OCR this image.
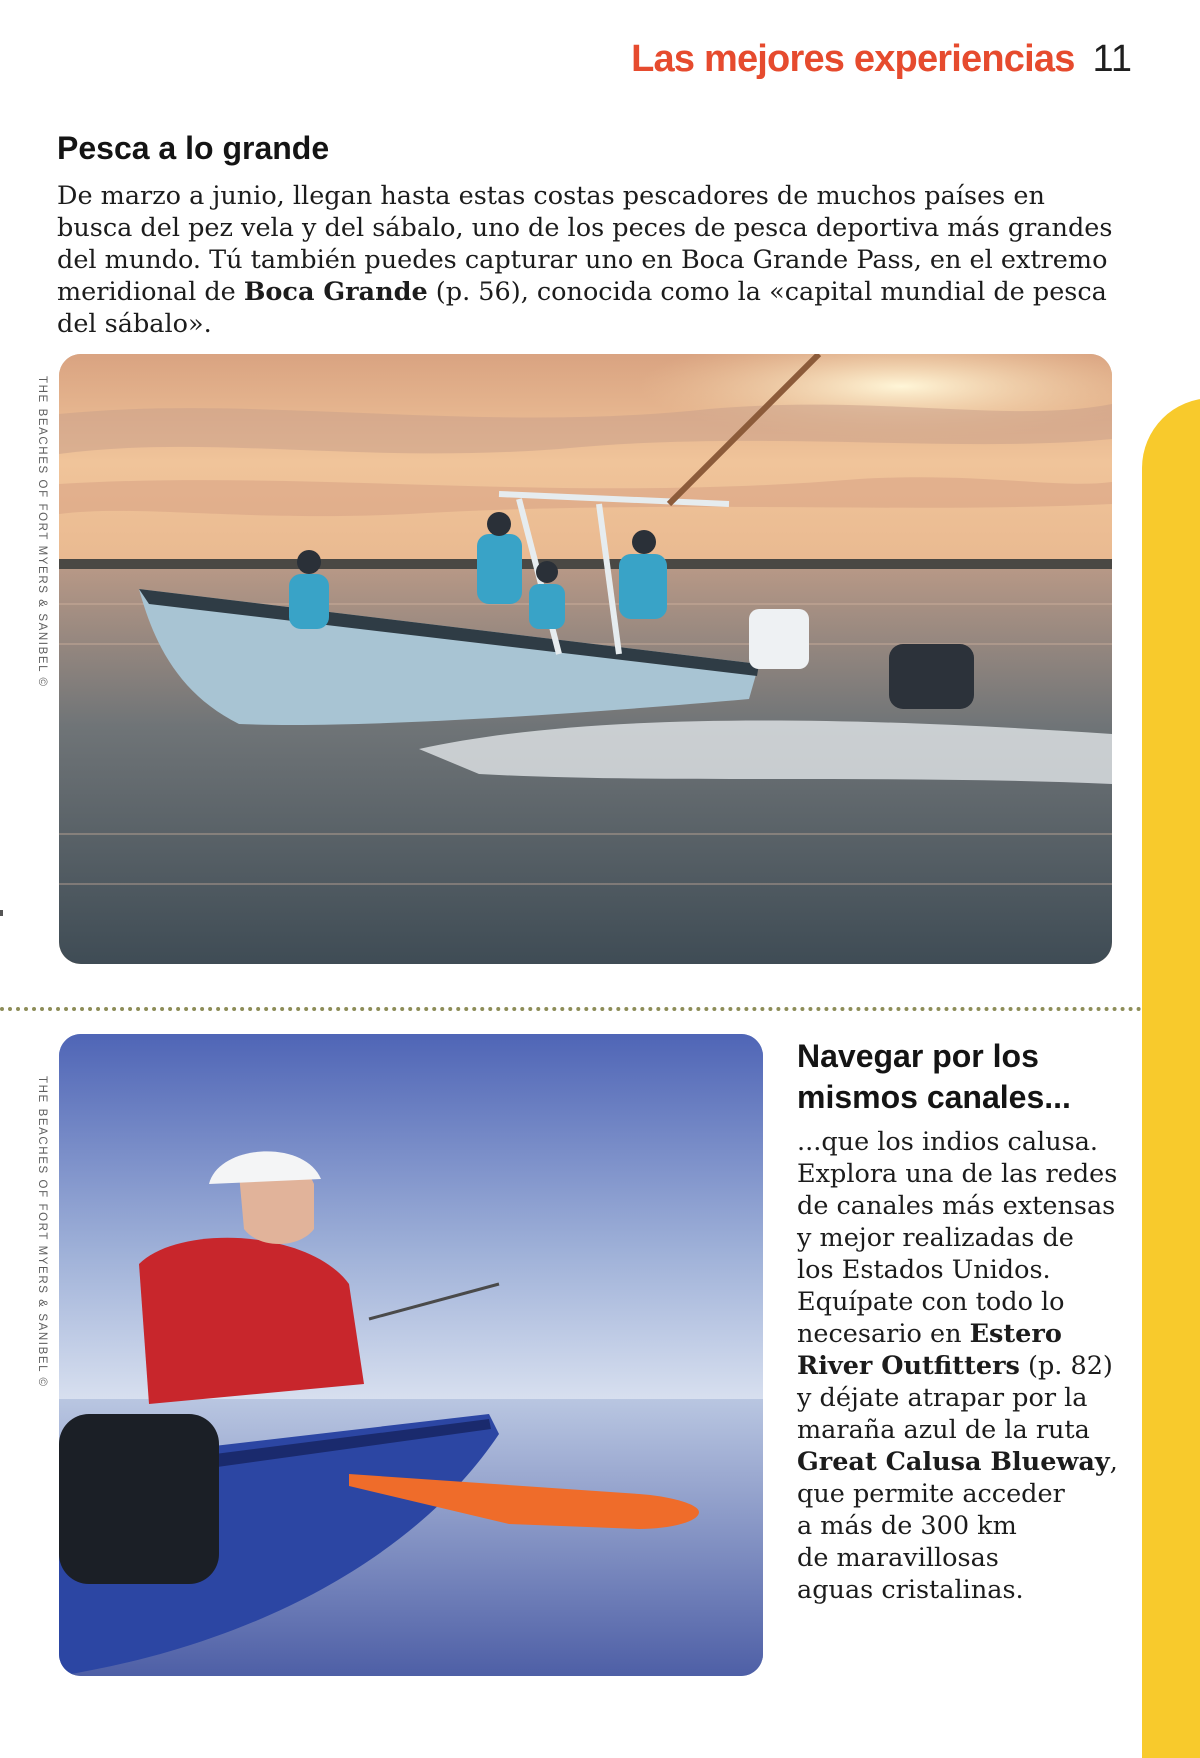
Las mejores experiencias 11
Pesca a lo grande

De marzo a junio, llegan hasta estas costas pescadores de muchos países en busca del pez vela y del sábalo, uno de los peces de pesca deportiva más grandes del mundo. Tú también puedes capturar uno en Boca Grande Pass, en el extremo meridional de Boca Grande (p. 56), conocida como la «capital mundial de pesca del sábalo».

THE BEACHES OF FORT MYERS & SANIBEL ©
THE BEACHES OF FORT MYERS & SANIBEL ©
Navegar por los
mismos canales...

...que los indios calusa.
Explora una de las redes
de canales más extensas
y mejor realizadas de
los Estados Unidos.
Equípate con todo lo
necesario en Estero
River Outfitters (p. 82)
y déjate atrapar por la
maraña azul de la ruta
Great Calusa Blueway,
que permite acceder
a más de 300 km
de maravillosas
aguas cristalinas.
